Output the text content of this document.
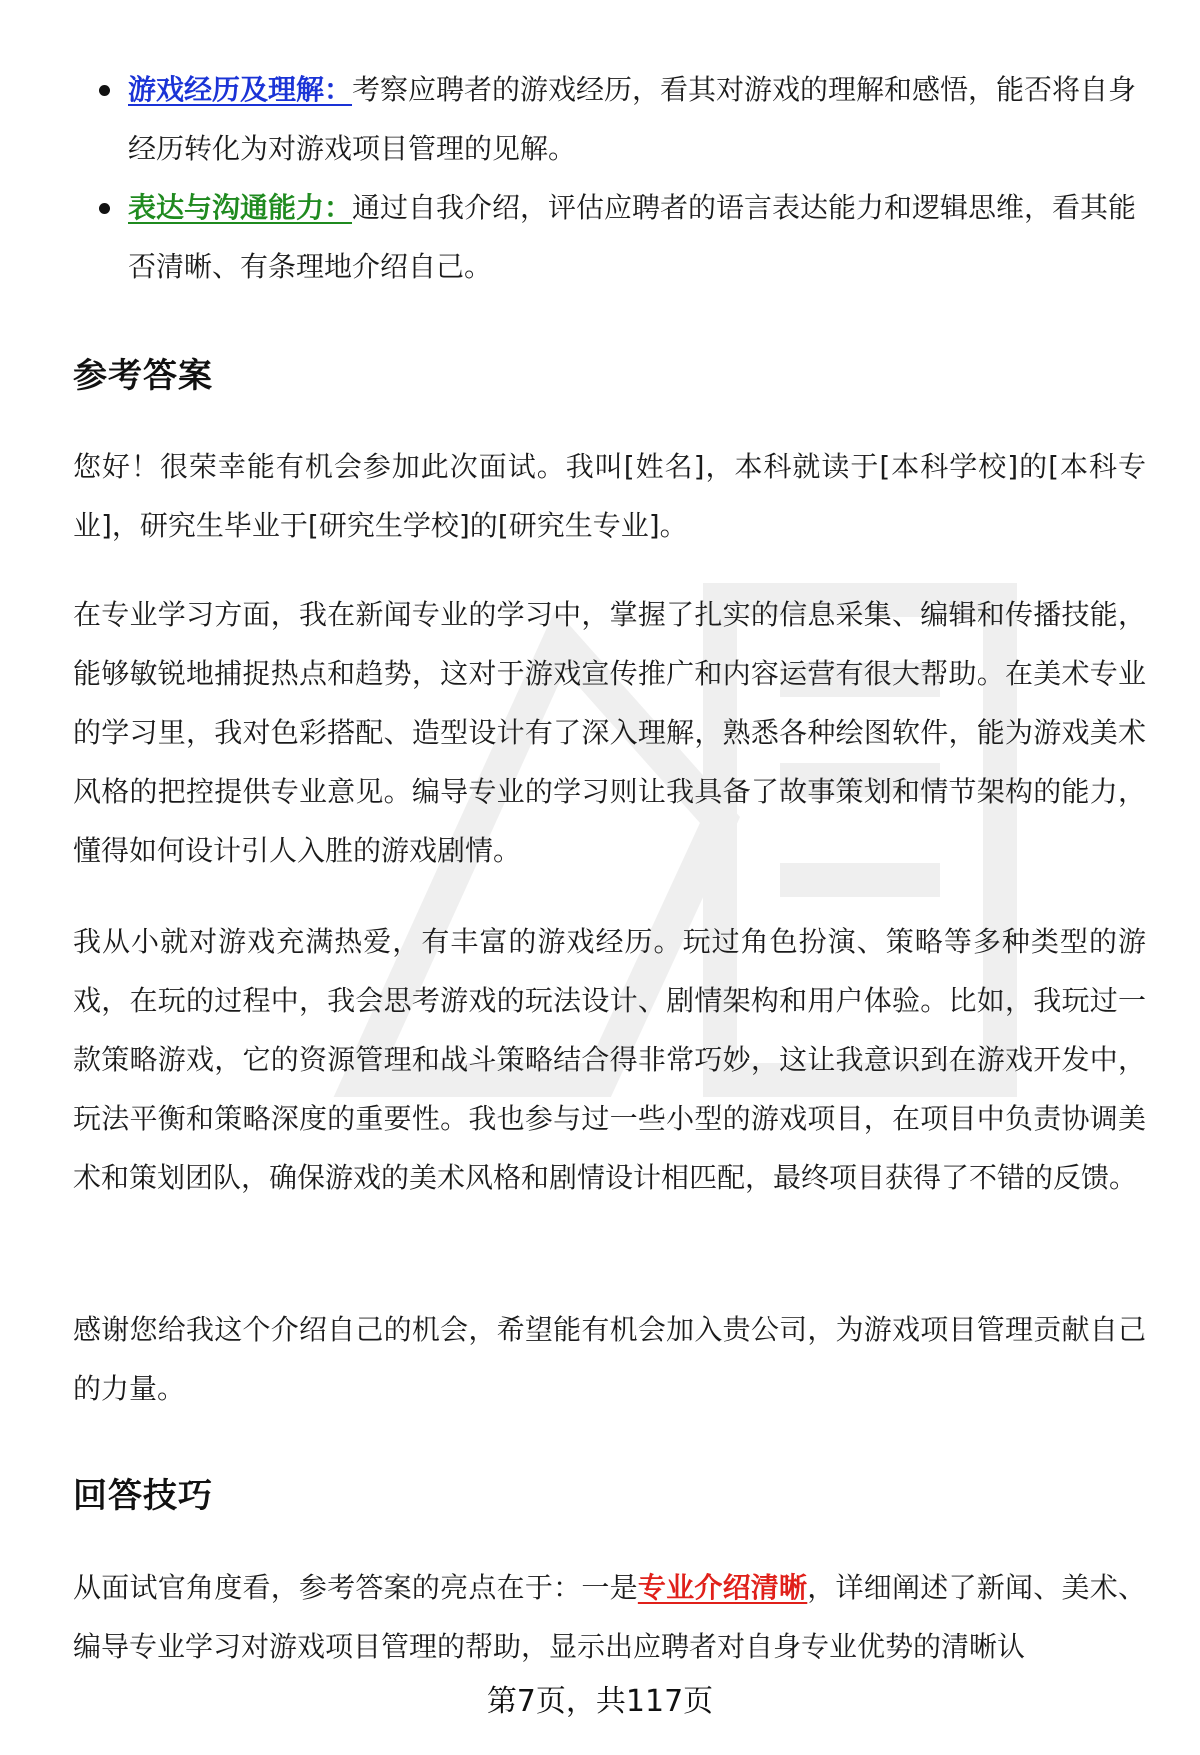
游戏经历及理解：考察应聘者的游戏经历，看其对游戏的理解和感悟，能否将自身经历转化为对游戏项目管理的见解。
表达与沟通能力：通过自我介绍，评估应聘者的语言表达能力和逻辑思维，看其能否清晰、有条理地介绍自己。
参考答案
您好！很荣幸能有机会参加此次面试。我叫[姓名]，本科就读于[本科学校]的[本科专业]，研究生毕业于[研究生学校]的[研究生专业]。
在专业学习方面，我在新闻专业的学习中，掌握了扎实的信息采集、编辑和传播技能，能够敏锐地捕捉热点和趋势，这对于游戏宣传推广和内容运营有很大帮助。在美术专业的学习里，我对色彩搭配、造型设计有了深入理解，熟悉各种绘图软件，能为游戏美术风格的把控提供专业意见。编导专业的学习则让我具备了故事策划和情节架构的能力，懂得如何设计引人入胜的游戏剧情。
我从小就对游戏充满热爱，有丰富的游戏经历。玩过角色扮演、策略等多种类型的游戏，在玩的过程中，我会思考游戏的玩法设计、剧情架构和用户体验。比如，我玩过一款策略游戏，它的资源管理和战斗策略结合得非常巧妙，这让我意识到在游戏开发中，玩法平衡和策略深度的重要性。我也参与过一些小型的游戏项目，在项目中负责协调美术和策划团队，确保游戏的美术风格和剧情设计相匹配，最终项目获得了不错的反馈。
感谢您给我这个介绍自己的机会，希望能有机会加入贵公司，为游戏项目管理贡献自己的力量。
回答技巧
从面试官角度看，参考答案的亮点在于：一是专业介绍清晰，详细阐述了新闻、美术、编导专业学习对游戏项目管理的帮助，显示出应聘者对自身专业优势的清晰认
第7页，共117页
